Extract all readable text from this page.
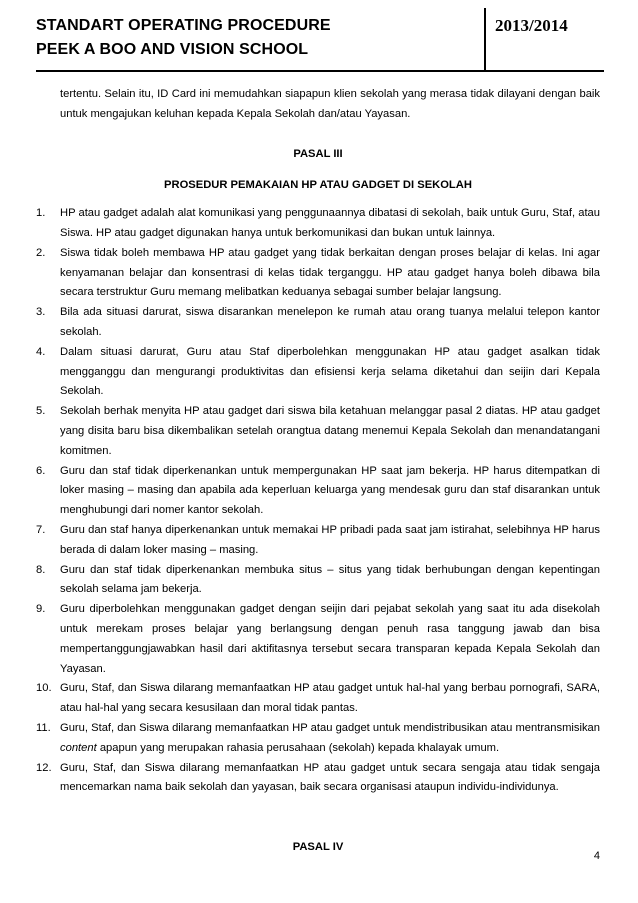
STANDART OPERATING PROCEDURE
PEEK A BOO AND VISION SCHOOL
2013/2014

tertentu. Selain itu, ID Card ini memudahkan siapapun klien sekolah yang merasa tidak dilayani dengan baik untuk mengajukan keluhan kepada Kepala Sekolah dan/atau Yayasan.

PASAL III

PROSEDUR PEMAKAIAN HP ATAU GADGET DI SEKOLAH

1. HP atau gadget adalah alat komunikasi yang penggunaannya dibatasi di sekolah, baik untuk Guru, Staf, atau Siswa. HP atau gadget digunakan hanya untuk berkomunikasi dan bukan untuk lainnya.
2. Siswa tidak boleh membawa HP atau gadget yang tidak berkaitan dengan proses belajar di kelas. Ini agar kenyamanan belajar dan konsentrasi di kelas tidak terganggu. HP atau gadget hanya boleh dibawa bila secara terstruktur Guru memang melibatkan keduanya sebagai sumber belajar langsung.
3. Bila ada situasi darurat, siswa disarankan menelepon ke rumah atau orang tuanya melalui telepon kantor sekolah.
4. Dalam situasi darurat, Guru atau Staf diperbolehkan menggunakan HP atau gadget asalkan tidak mengganggu dan mengurangi produktivitas dan efisiensi kerja selama diketahui dan seijin dari Kepala Sekolah.
5. Sekolah berhak menyita HP atau gadget dari siswa bila ketahuan melanggar pasal 2 diatas. HP atau gadget yang disita baru bisa dikembalikan setelah orangtua datang menemui Kepala Sekolah dan menandatangani komitmen.
6. Guru dan staf tidak diperkenankan untuk mempergunakan HP saat jam bekerja. HP harus ditempatkan di loker masing – masing dan apabila ada keperluan keluarga yang mendesak guru dan staf disarankan untuk menghubungi dari nomer kantor sekolah.
7. Guru dan staf hanya diperkenankan untuk memakai HP pribadi pada saat jam istirahat, selebihnya HP harus berada di dalam loker masing – masing.
8. Guru dan staf tidak diperkenankan membuka situs – situs yang tidak berhubungan dengan kepentingan sekolah selama jam bekerja.
9. Guru diperbolehkan menggunakan gadget dengan seijin dari pejabat sekolah yang saat itu ada disekolah untuk merekam proses belajar yang berlangsung dengan penuh rasa tanggung jawab dan bisa mempertanggungjawabkan hasil dari aktifitasnya tersebut secara transparan kepada Kepala Sekolah dan Yayasan.
10. Guru, Staf, dan Siswa dilarang memanfaatkan HP atau gadget untuk hal-hal yang berbau pornografi, SARA, atau hal-hal yang secara kesusilaan dan moral tidak pantas.
11. Guru, Staf, dan Siswa dilarang memanfaatkan HP atau gadget untuk mendistribusikan atau mentransmisikan content apapun yang merupakan rahasia perusahaan (sekolah) kepada khalayak umum.
12. Guru, Staf, dan Siswa dilarang memanfaatkan HP atau gadget untuk secara sengaja atau tidak sengaja mencemarkan nama baik sekolah dan yayasan, baik secara organisasi ataupun individu-individunya.

PASAL IV

4
